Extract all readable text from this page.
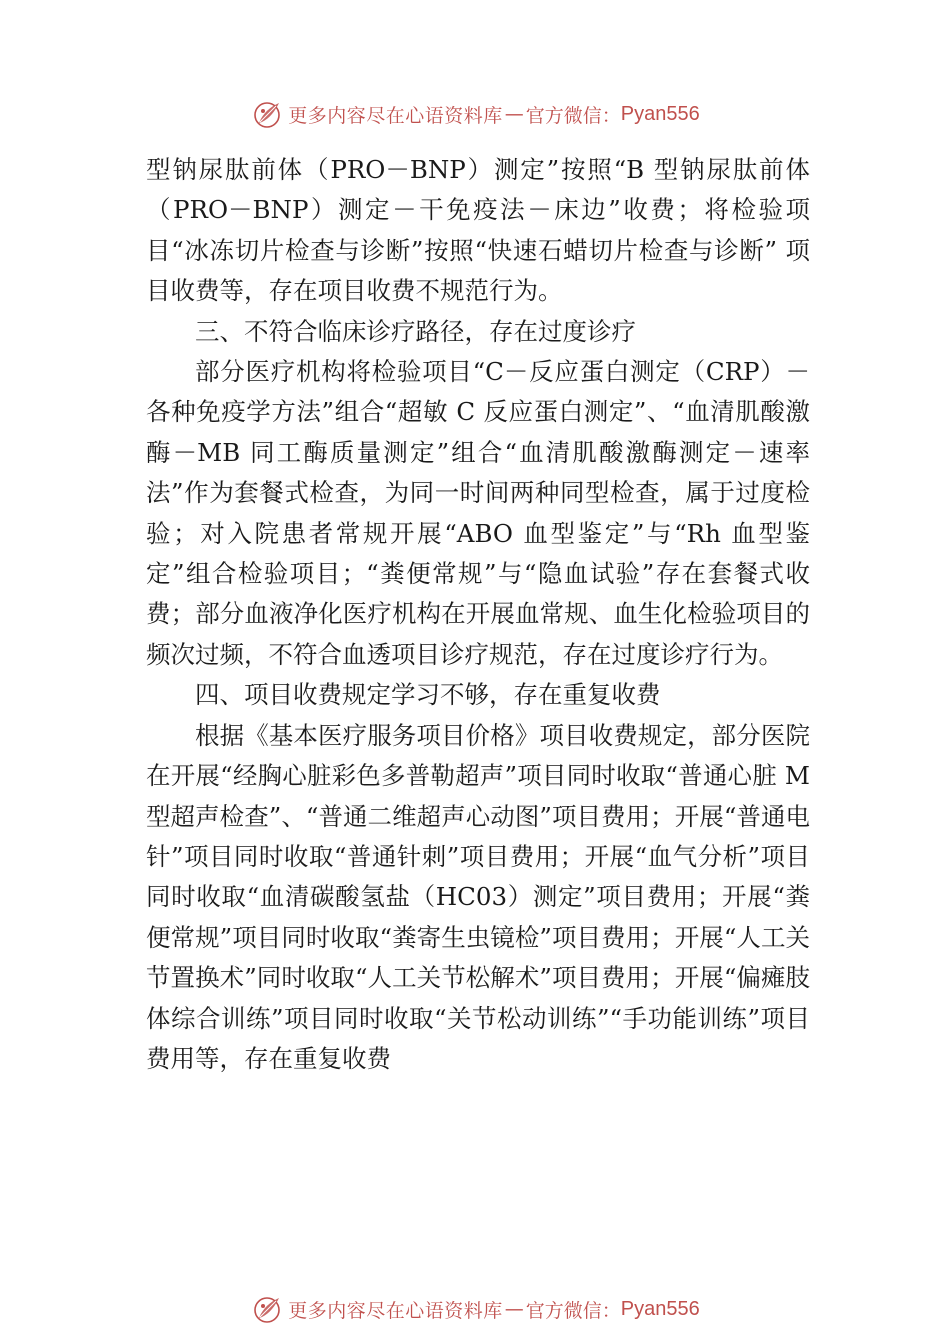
更多内容尽在心语资料库 — 官方微信： Pyan556

型钠尿肽前体（PRO－BNP）测定”按照“B 型钠尿肽前体（PRO－BNP）测定－干免疫法－床边”收费；将检验项目“冰冻切片检查与诊断”按照“快速石蜡切片检查与诊断” 项目收费等，存在项目收费不规范行为。

三、不符合临床诊疗路径，存在过度诊疗

部分医疗机构将检验项目“C－反应蛋白测定（CRP）－ 各种免疫学方法”组合“超敏 C 反应蛋白测定”、“血清肌酸激酶－MB 同工酶质量测定”组合“血清肌酸激酶测定－速率法”作为套餐式检查，为同一时间两种同型检查，属于过度检验；对入院患者常规开展“ABO 血型鉴定”与“Rh 血型鉴定”组合检验项目；“粪便常规”与“隐血试验”存在套餐式收费；部分血液净化医疗机构在开展血常规、血生化检验项目的频次过频，不符合血透项目诊疗规范，存在过度诊疗行为。

四、项目收费规定学习不够，存在重复收费

根据《基本医疗服务项目价格》项目收费规定，部分医院在开展“经胸心脏彩色多普勒超声”项目同时收取“普通心脏 M 型超声检查”、“普通二维超声心动图”项目费用；开展“普通电针”项目同时收取“普通针刺”项目费用；开展“血气分析”项目同时收取“血清碳酸氢盐（HC03）测定”项目费用；开展“粪便常规”项目同时收取“粪寄生虫镜检”项目费用；开展“人工关节置换术”同时收取“人工关节松解术”项目费用；开展“偏瘫肢体综合训练”项目同时收取“关节松动训练”“手功能训练”项目费用等，存在重复收费

更多内容尽在心语资料库 — 官方微信： Pyan556
